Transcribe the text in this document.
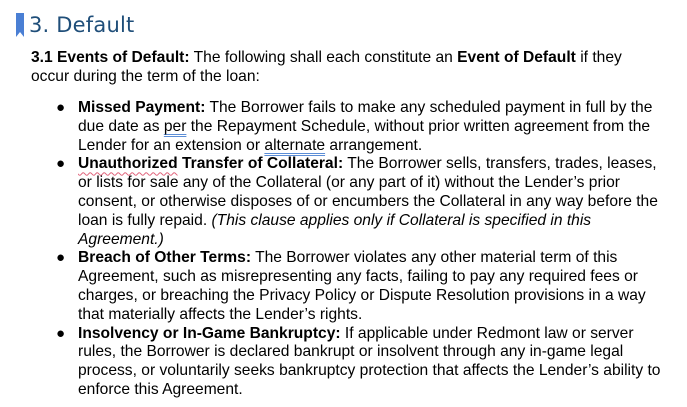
3. Default

3.1 Events of Default: The following shall each constitute an Event of Default if they occur during the term of the loan:

● Missed Payment: The Borrower fails to make any scheduled payment in full by the due date as per the Repayment Schedule, without prior written agreement from the Lender for an extension or alternate arrangement.
● Unauthorized Transfer of Collateral: The Borrower sells, transfers, trades, leases, or lists for sale any of the Collateral (or any part of it) without the Lender’s prior consent, or otherwise disposes of or encumbers the Collateral in any way before the loan is fully repaid. (This clause applies only if Collateral is specified in this Agreement.)
● Breach of Other Terms: The Borrower violates any other material term of this Agreement, such as misrepresenting any facts, failing to pay any required fees or charges, or breaching the Privacy Policy or Dispute Resolution provisions in a way that materially affects the Lender’s rights.
● Insolvency or In-Game Bankruptcy: If applicable under Redmont law or server rules, the Borrower is declared bankrupt or insolvent through any in-game legal process, or voluntarily seeks bankruptcy protection that affects the Lender’s ability to enforce this Agreement.
